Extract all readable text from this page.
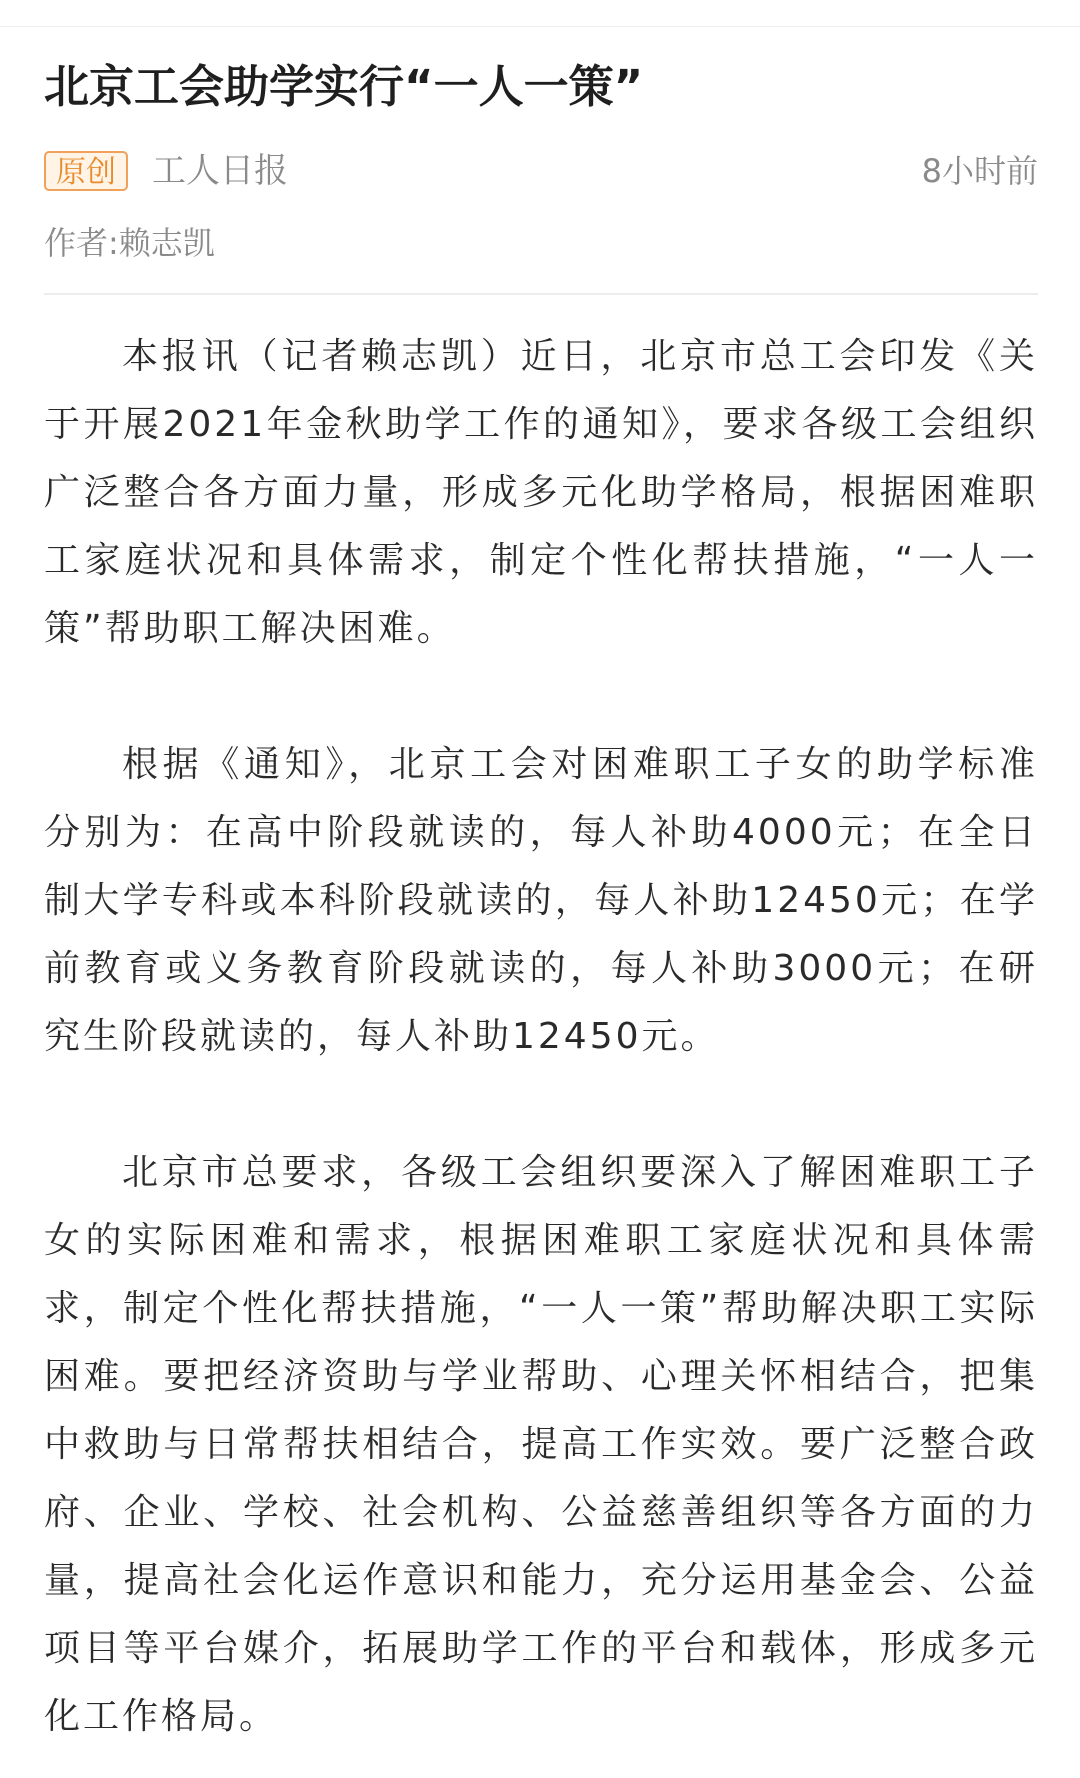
北京工会助学实行“一人一策”
原创	工人日报	8小时前
作者:赖志凯

本报讯（记者赖志凯）近日，北京市总工会印发《关于开展2021年金秋助学工作的通知》，要求各级工会组织广泛整合各方面力量，形成多元化助学格局，根据困难职工家庭状况和具体需求，制定个性化帮扶措施，“一人一策”帮助职工解决困难。

根据《通知》，北京工会对困难职工子女的助学标准分别为：在高中阶段就读的，每人补助4000元；在全日制大学专科或本科阶段就读的，每人补助12450元；在学前教育或义务教育阶段就读的，每人补助3000元；在研究生阶段就读的，每人补助12450元。

北京市总要求，各级工会组织要深入了解困难职工子女的实际困难和需求，根据困难职工家庭状况和具体需求，制定个性化帮扶措施，“一人一策”帮助解决职工实际困难。要把经济资助与学业帮助、心理关怀相结合，把集中救助与日常帮扶相结合，提高工作实效。要广泛整合政府、企业、学校、社会机构、公益慈善组织等各方面的力量，提高社会化运作意识和能力，充分运用基金会、公益项目等平台媒介，拓展助学工作的平台和载体，形成多元化工作格局。
